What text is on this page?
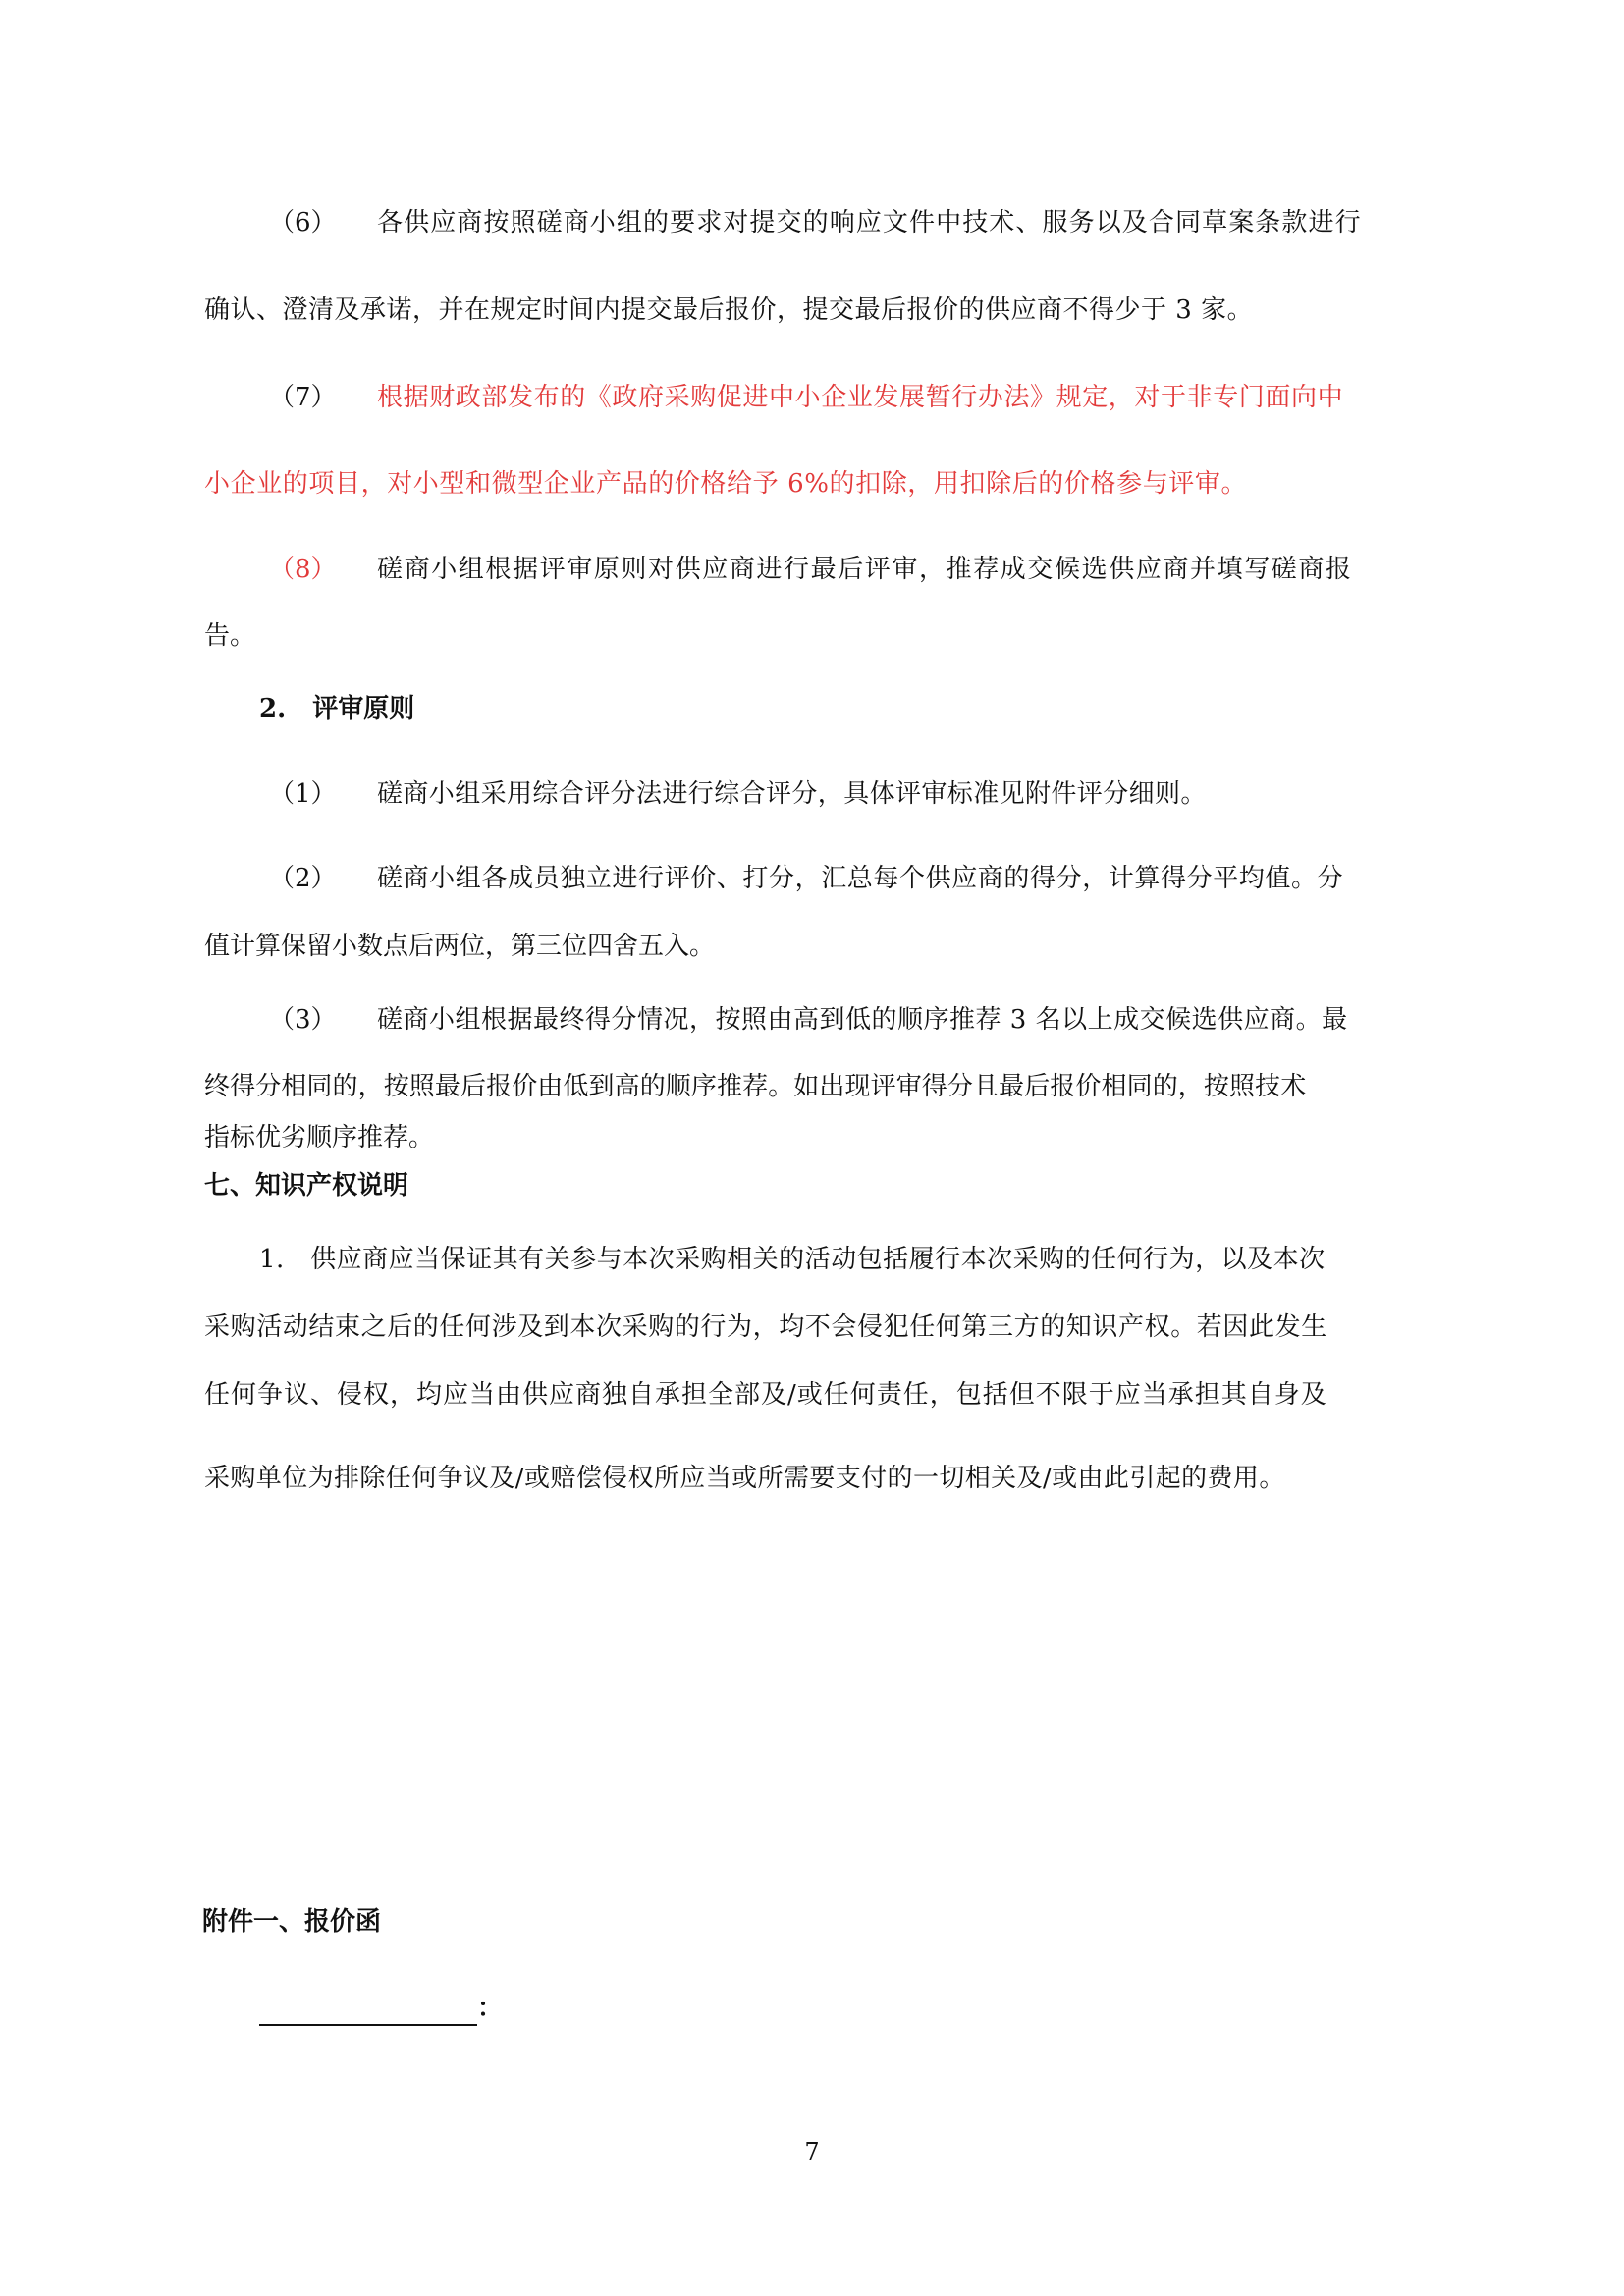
（6） 各供应商按照磋商小组的要求对提交的响应文件中技术、服务以及合同草案条款进行
确认、澄清及承诺，并在规定时间内提交最后报价，提交最后报价的供应商不得少于 3 家。
（7） 根据财政部发布的《政府采购促进中小企业发展暂行办法》规定，对于非专门面向中
小企业的项目，对小型和微型企业产品的价格给予 6%的扣除，用扣除后的价格参与评审。
（8） 磋商小组根据评审原则对供应商进行最后评审，推荐成交候选供应商并填写磋商报
告。
2.   评审原则
（1） 磋商小组采用综合评分法进行综合评分，具体评审标准见附件评分细则。
（2） 磋商小组各成员独立进行评价、打分，汇总每个供应商的得分，计算得分平均值。分
值计算保留小数点后两位，第三位四舍五入。
（3） 磋商小组根据最终得分情况，按照由高到低的顺序推荐 3 名以上成交候选供应商。最
终得分相同的，按照最后报价由低到高的顺序推荐。如出现评审得分且最后报价相同的，按照技术
指标优劣顺序推荐。
七、知识产权说明
1.   供应商应当保证其有关参与本次采购相关的活动包括履行本次采购的任何行为，以及本次
采购活动结束之后的任何涉及到本次采购的行为，均不会侵犯任何第三方的知识产权。若因此发生
任何争议、侵权，均应当由供应商独自承担全部及/或任何责任，包括但不限于应当承担其自身及
采购单位为排除任何争议及/或赔偿侵权所应当或所需要支付的一切相关及/或由此引起的费用。
附件一、报价函
：
7
